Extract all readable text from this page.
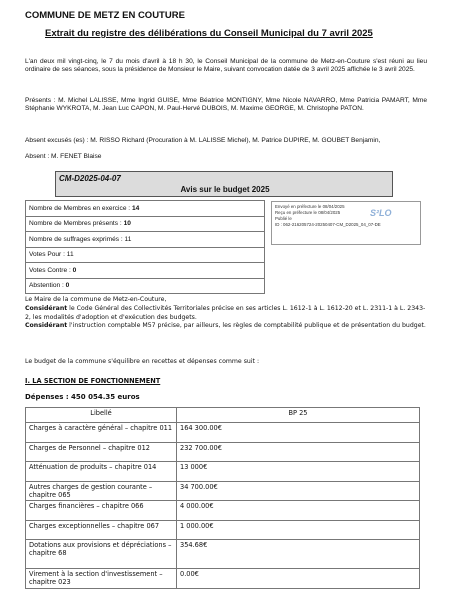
COMMUNE DE METZ EN COUTURE
Extrait du registre des délibérations du Conseil Municipal du 7 avril 2025
L'an deux mil vingt-cinq, le 7 du mois d'avril à 18 h 30, le Conseil Municipal de la commune de Metz-en-Couture s'est réuni au lieu ordinaire de ses séances, sous la présidence de Monsieur le Maire, suivant convocation datée de 3 avril 2025 affichée le 3 avril 2025.
Présents : M. Michel LALISSE, Mme Ingrid GUISE, Mme Béatrice MONTIGNY, Mme Nicole NAVARRO, Mme Patricia PAMART, Mme Stéphanie WYKROTA, M. Jean Luc CAPON, M. Paul-Hervé DUBOIS, M. Maxime GEORGE, M. Christophe PATON.
Absent excusés (es) : M. RISSO Richard (Procuration à M. LALISSE Michel), M. Patrice DUPIRE, M. GOUBET Benjamin,
Absent : M. FENET Blaise
CM-D2025-04-07
Avis sur le budget 2025
Nombre de Membres en exercice : 14
Nombre de Membres présents : 10
Nombre de suffrages exprimés : 11
Votes Pour : 11
Votes Contre : 0
Abstention : 0
Envoyé en préfecture le 08/04/2025
Reçu en préfecture le 08/04/2025
Publié le
ID : 062-216205724-20250407-CM_D2025_04_07-DE
S²LO
Le Maire de la commune de Metz-en-Couture,
Considérant le Code Général des Collectivités Territoriales précise en ses articles L. 1612-1 à L. 1612-20 et L. 2311-1 à L. 2343-2, les modalités d'adoption et d'exécution des budgets.
Considérant l'instruction comptable M57 précise, par ailleurs, les règles de comptabilité publique et de présentation du budget.
Le budget de la commune s'équilibre en recettes et dépenses comme suit :
I. LA SECTION DE FONCTIONNEMENT
Dépenses : 450 054.35 euros
Libellé	BP 25
Charges à caractère général – chapitre 011	164 300.00€
Charges de Personnel – chapitre 012	232 700.00€
Atténuation de produits – chapitre 014	13 000€
Autres charges de gestion courante – chapitre 065	34 700.00€
Charges financières – chapitre 066	4 000.00€
Charges exceptionnelles – chapitre 067	1 000.00€
Dotations aux provisions et dépréciations – chapitre 68	354.68€
Virement à la section d'investissement – chapitre 023	0.00€
